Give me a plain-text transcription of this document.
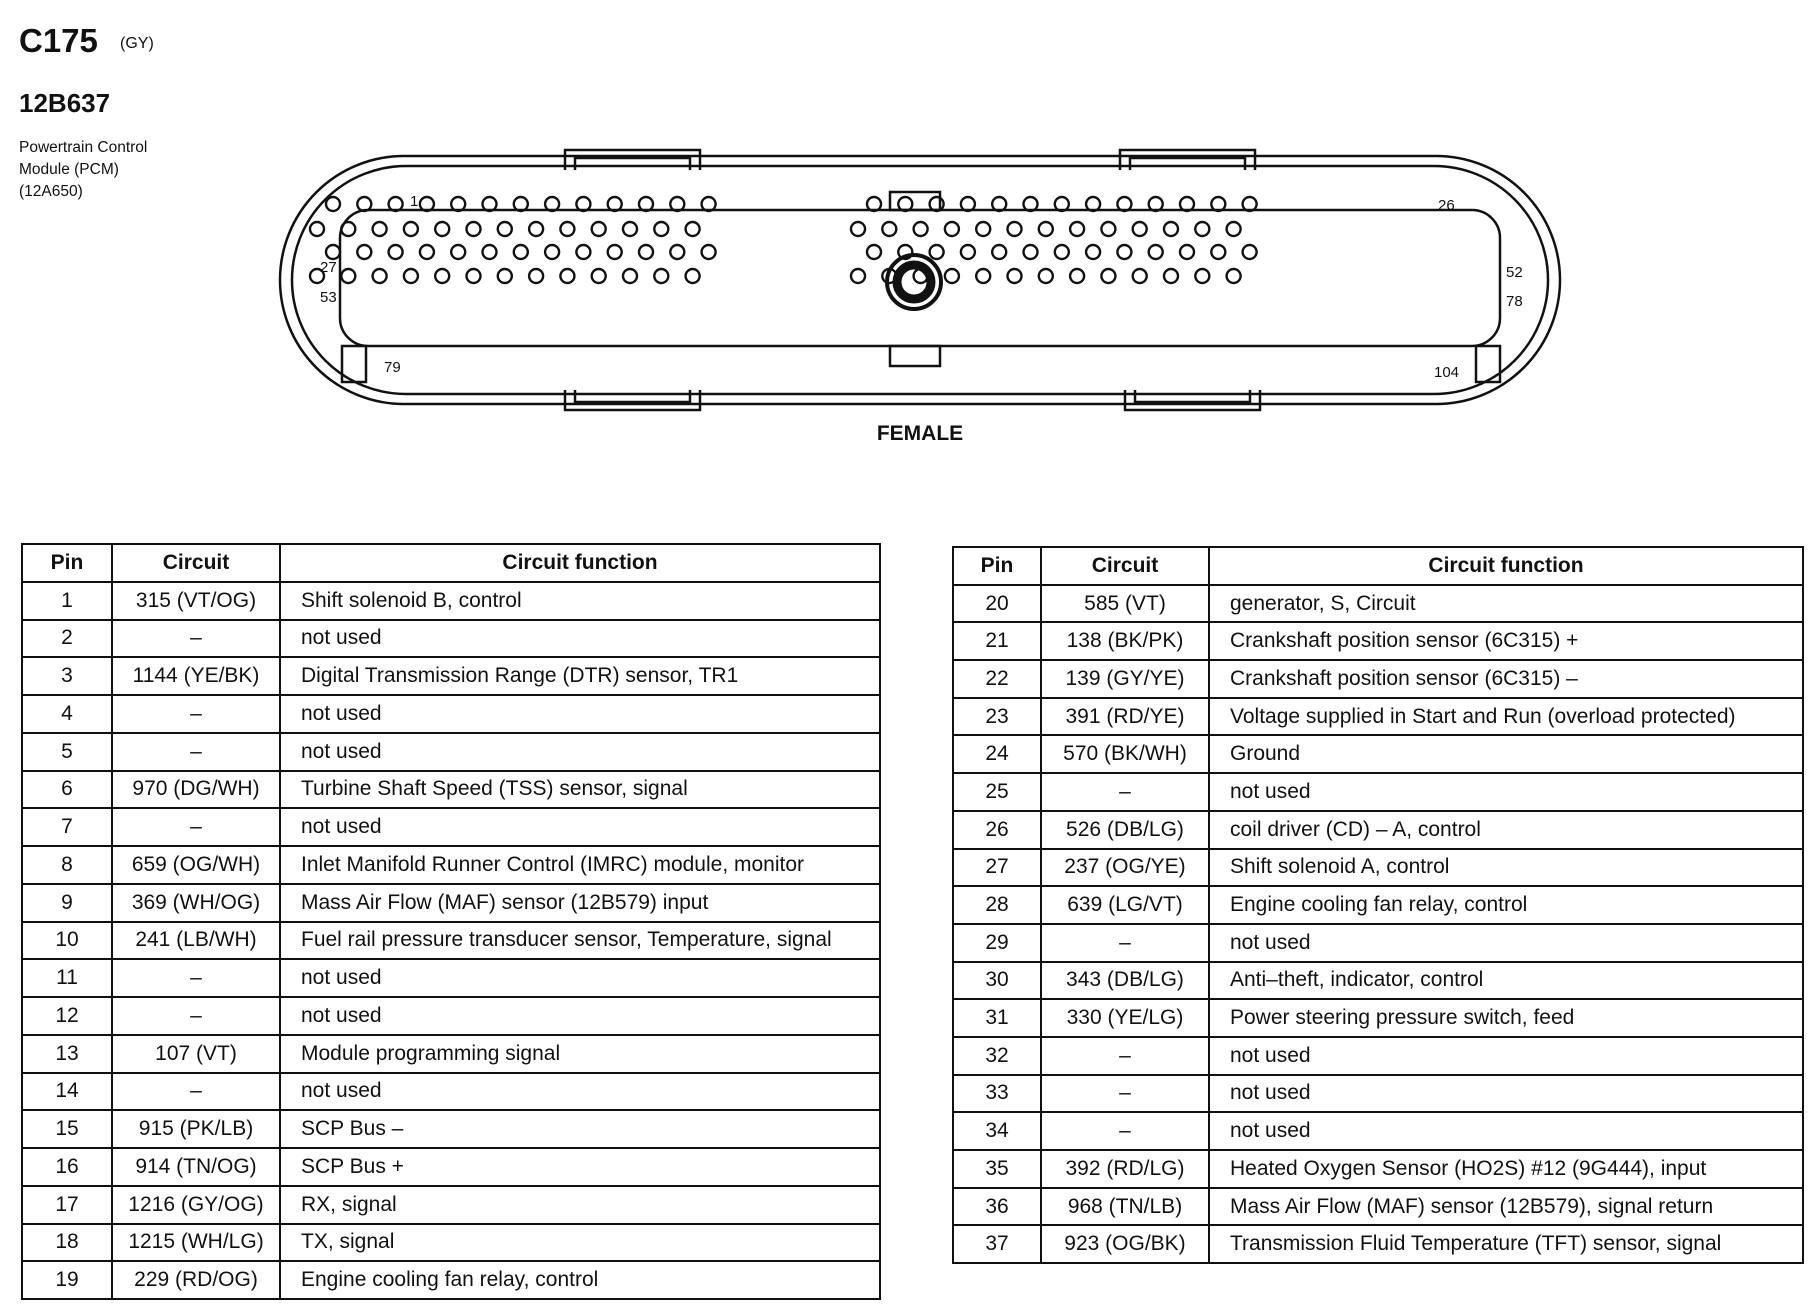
C175 (GY)
12B637
Powertrain Control
Module (PCM)
(12A650)
1	26
27
53
52
78
79	104
FEMALE
Pin	Circuit	Circuit function
1	315 (VT/OG)	Shift solenoid B, control
2	–	not used
3	1144 (YE/BK)	Digital Transmission Range (DTR) sensor, TR1
4	–	not used
5	–	not used
6	970 (DG/WH)	Turbine Shaft Speed (TSS) sensor, signal
7	–	not used
8	659 (OG/WH)	Inlet Manifold Runner Control (IMRC) module, monitor
9	369 (WH/OG)	Mass Air Flow (MAF) sensor (12B579) input
10	241 (LB/WH)	Fuel rail pressure transducer sensor, Temperature, signal
11	–	not used
12	–	not used
13	107 (VT)	Module programming signal
14	–	not used
15	915 (PK/LB)	SCP Bus –
16	914 (TN/OG)	SCP Bus +
17	1216 (GY/OG)	RX, signal
18	1215 (WH/LG)	TX, signal
19	229 (RD/OG)	Engine cooling fan relay, control
Pin	Circuit	Circuit function
20	585 (VT)	generator, S, Circuit
21	138 (BK/PK)	Crankshaft position sensor (6C315) +
22	139 (GY/YE)	Crankshaft position sensor (6C315) –
23	391 (RD/YE)	Voltage supplied in Start and Run (overload protected)
24	570 (BK/WH)	Ground
25	–	not used
26	526 (DB/LG)	coil driver (CD) – A, control
27	237 (OG/YE)	Shift solenoid A, control
28	639 (LG/VT)	Engine cooling fan relay, control
29	–	not used
30	343 (DB/LG)	Anti–theft, indicator, control
31	330 (YE/LG)	Power steering pressure switch, feed
32	–	not used
33	–	not used
34	–	not used
35	392 (RD/LG)	Heated Oxygen Sensor (HO2S) #12 (9G444), input
36	968 (TN/LB)	Mass Air Flow (MAF) sensor (12B579), signal return
37	923 (OG/BK)	Transmission Fluid Temperature (TFT) sensor, signal
